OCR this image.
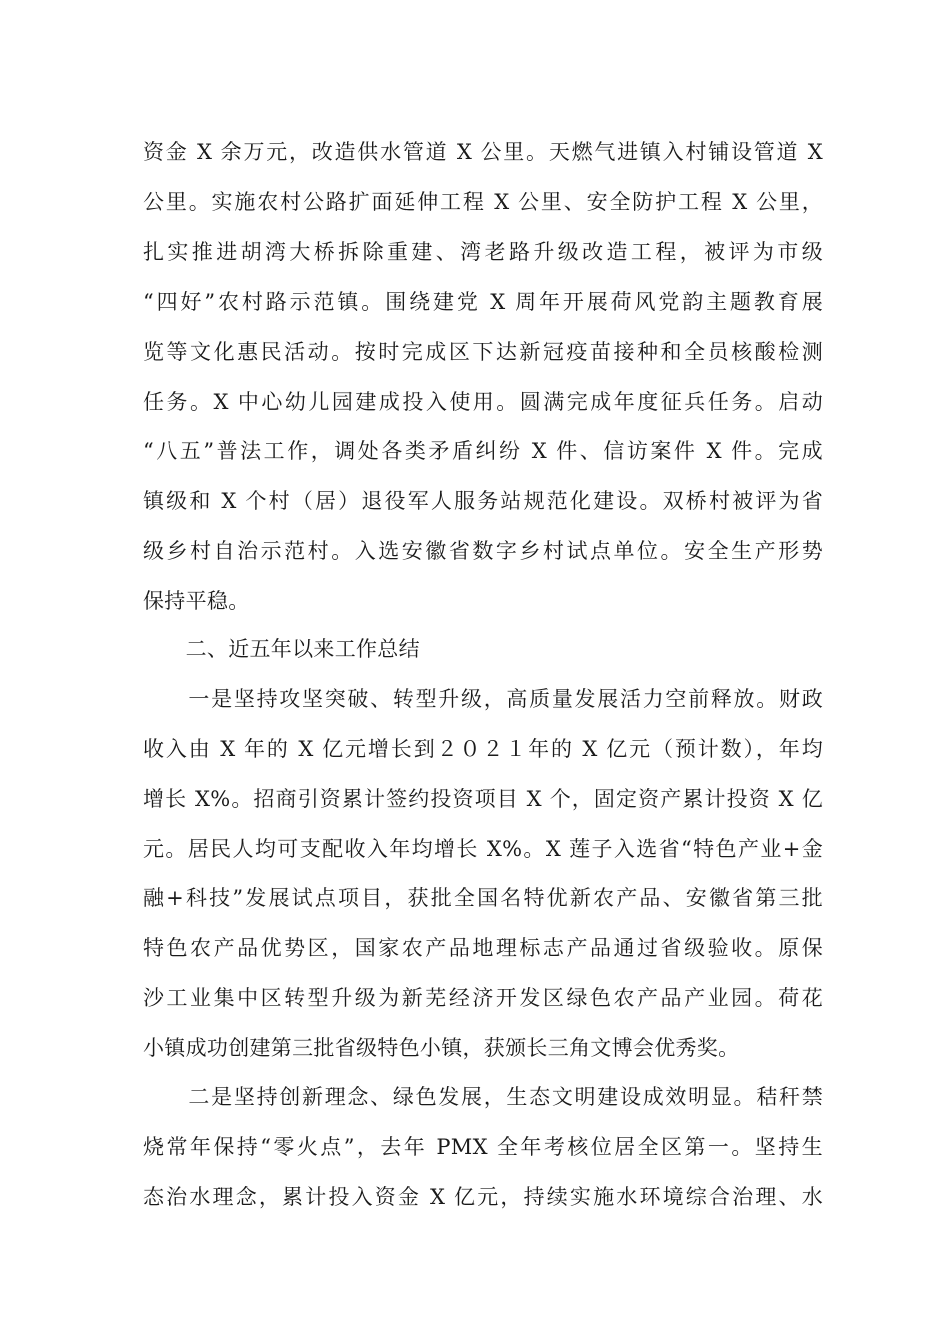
资金 X 余万元，改造供水管道 X 公里。天燃气进镇入村铺设管道 X

公里。实施农村公路扩面延伸工程 X 公里、安全防护工程 X 公里，

扎实推进胡湾大桥拆除重建、湾老路升级改造工程，被评为市级

“四好”农村路示范镇。围绕建党 X 周年开展荷风党韵主题教育展

览等文化惠民活动。按时完成区下达新冠疫苗接种和全员核酸检测

任务。X 中心幼儿园建成投入使用。圆满完成年度征兵任务。启动

“八五”普法工作，调处各类矛盾纠纷 X 件、信访案件 X 件。完成

镇级和 X 个村（居）退役军人服务站规范化建设。双桥村被评为省

级乡村自治示范村。入选安徽省数字乡村试点单位。安全生产形势

保持平稳。

　　二、近五年以来工作总结

　　一是坚持攻坚突破、转型升级，高质量发展活力空前释放。财政

收入由 X 年的 X 亿元增长到２０２１年的 X 亿元（预计数），年均

增长 X%。招商引资累计签约投资项目 X 个，固定资产累计投资 X 亿

元。居民人均可支配收入年均增长 X%。X 莲子入选省“特色产业+金

融+科技”发展试点项目，获批全国名特优新农产品、安徽省第三批

特色农产品优势区，国家农产品地理标志产品通过省级验收。原保

沙工业集中区转型升级为新芜经济开发区绿色农产品产业园。荷花

小镇成功创建第三批省级特色小镇，获颁长三角文博会优秀奖。

　　二是坚持创新理念、绿色发展，生态文明建设成效明显。秸秆禁

烧常年保持“零火点”，去年 PMX 全年考核位居全区第一。坚持生

态治水理念，累计投入资金 X 亿元，持续实施水环境综合治理、水
